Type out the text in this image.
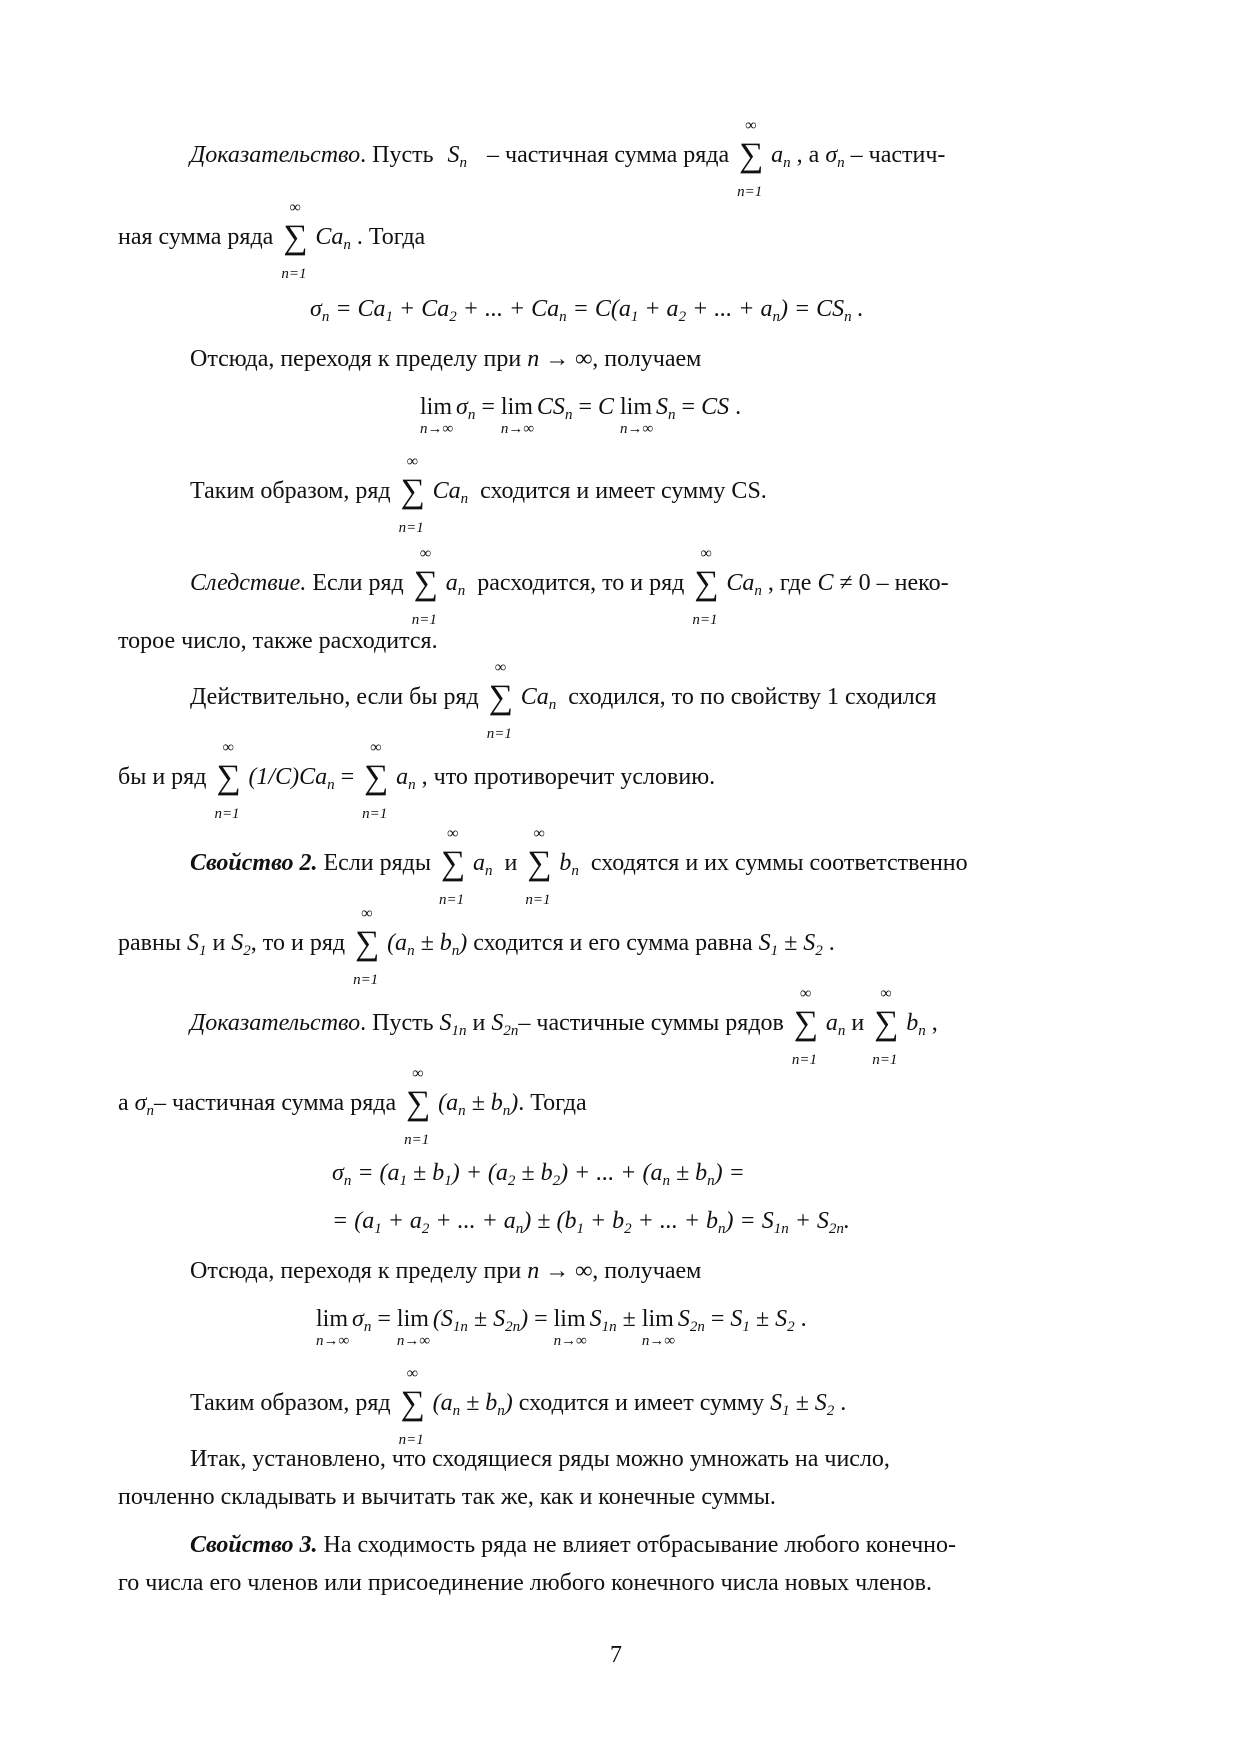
Доказательство. Пусть $S_n$ – частичная сумма ряда
∞
∑
n=1
$a_n$ , а $\sigma_n$ – частич-
ная сумма ряда
∞
∑
n=1
$Ca_n$ . Тогда
$\sigma_n = Ca_1 + Ca_2$ + ... + $Ca_n = C(a_1 + a_2$ + ... + $a_n) = CS_n$ .
Отсюда, переходя к пределу при n → ∞, получаем
lim
n→∞
$\sigma_n = \lim$
n→∞
$CS_n = C$ lim
n→∞
$S_n$ = CS .
Таким образом, ряд
∞
∑
n=1
$Ca_n$ сходится и имеет сумму CS.
Следствие. Если ряд
∞
∑
n=1
$a_n$ расходится, то и ряд
∞
∑
n=1
$Ca_n$ , где C ≠ 0 – неко-
торое число, также расходится.
Действительно, если бы ряд
∞
∑
n=1
$Ca_n$ сходился, то по свойству 1 сходился
бы и ряд
∞
∑
n=1
$(1/C)Ca_n$ =
∞
∑
n=1
$a_n$ , что противоречит условию.
Свойство 2. Если ряды
∞
∑
n=1
$a_n$ и
∞
∑
n=1
$b_n$ сходятся и их суммы соответственно
равны $S_1$ и $S_2$, то и ряд
∞
∑
n=1
$(a_n \pm b_n)$ сходится и его сумма равна $S_1 \pm S_2$ .
Доказательство. Пусть $S_{1n}$ и $S_{2n}-$ частичные суммы рядов
∞
∑
n=1
$a_n$ и
∞
∑
n=1
$b_n$ ,
а $\sigma_n-$ частичная сумма ряда
∞
∑
n=1
$(a_n \pm b_n)$. Тогда
$\sigma_n = (a_1 \pm b_1) + (a_2 \pm b_2)$ + ... + $(a_n \pm b_n)$ =
= ($a_1 + a_2$ + ... + $a_n) \pm (b_1 + b_2$ + ... + $b_n) = S_{1n} + S_{2n}$.
Отсюда, переходя к пределу при n → ∞, получаем
lim
n→∞
$\sigma_n = \lim$
n→∞
$(S_{1n} \pm S_{2n}) = \lim$
n→∞
$S_{1n} \pm \lim$
n→∞
$S_{2n} = S_1 \pm S_2$ .
Таким образом, ряд
∞
∑
n=1
$(a_n \pm b_n)$ сходится и имеет сумму $S_1 \pm S_2$ .
Итак, установлено, что сходящиеся ряды можно умножать на число,
почленно складывать и вычитать так же, как и конечные суммы.
Свойство 3. На сходимость ряда не влияет отбрасывание любого конечно-
го числа его членов или присоединение любого конечного числа новых членов.
7
